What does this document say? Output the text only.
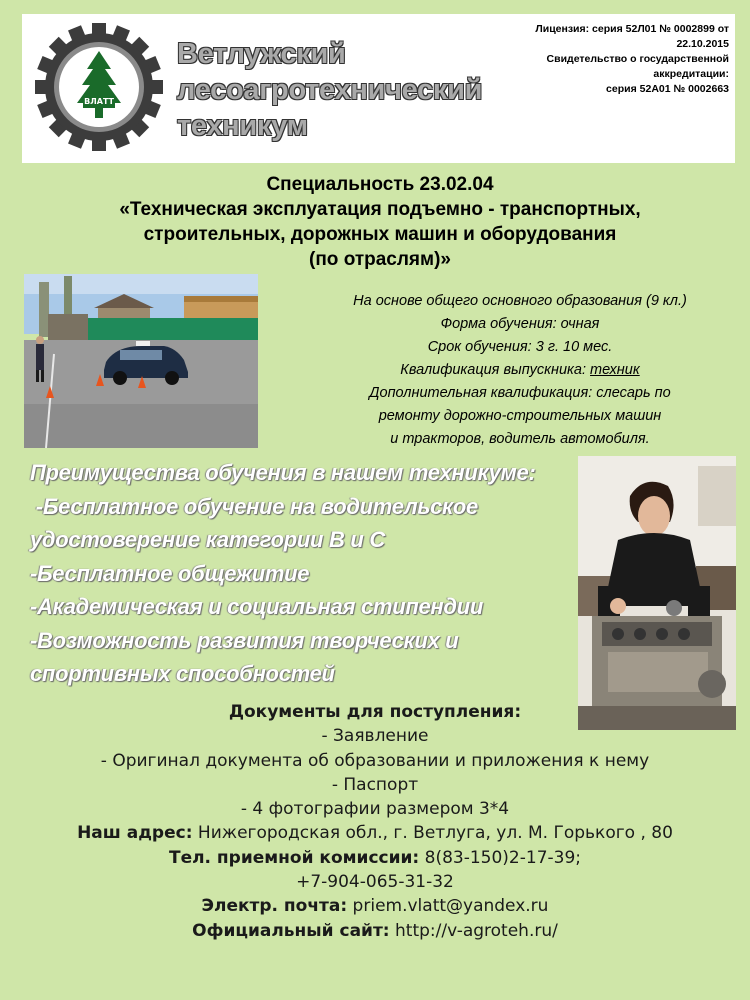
ВЛАТТ
Ветлужский
лесоагротехнический
техникум
Лицензия: серия 52Л01 № 0002899 от
22.10.2015
Свидетельство о государственной
аккредитации:
серия 52А01 № 0002663
Специальность 23.02.04
«Техническая эксплуатация подъемно - транспортных,
строительных, дорожных машин и оборудования
(по отраслям)»
На основе общего основного образования (9 кл.)
Форма обучения: очная
Срок обучения: 3 г. 10 мес.
Квалификация выпускника: техник
Дополнительная квалификация: слесарь по
ремонту дорожно-строительных машин
и тракторов, водитель автомобиля.
Преимущества обучения в нашем техникуме:
-Бесплатное обучение на водительское
удостоверение категории В и С
-Бесплатное общежитие
-Академическая и социальная стипендии
-Возможность развития творческих и
спортивных способностей
Документы для поступления:
- Заявление
- Оригинал документа об образовании и приложения к нему
- Паспорт
- 4 фотографии размером 3*4
Наш адрес: Нижегородская обл., г. Ветлуга, ул. М. Горького , 80
Тел. приемной комиссии: 8(83-150)2-17-39;
+7-904-065-31-32
Электр. почта: priem.vlatt@yandex.ru
Официальный сайт: http://v-agroteh.ru/
